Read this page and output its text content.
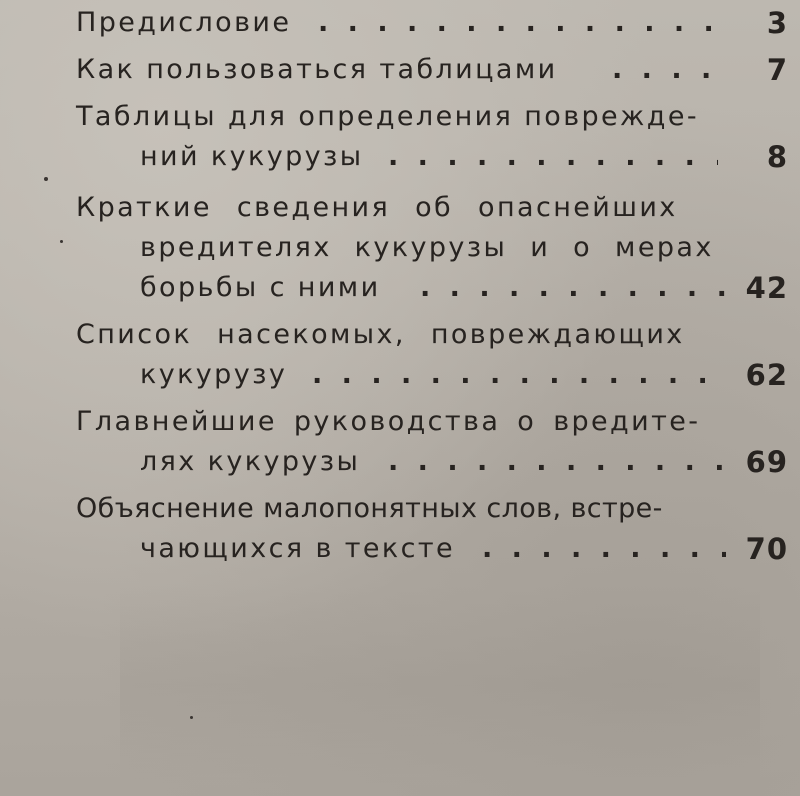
Предисловие . . .	3
Как пользоваться таблицами . . .	7
Таблицы для определения поврежде-
ний кукурузы . . .	8
Краткие сведения об опаснейших
вредителях кукурузы и о мерах
борьбы с ними . . .	42
Список насекомых, повреждающих
кукурузу . . .	62
Главнейшие руководства о вредите-
лях кукурузы . . .	69
Объяснение малопонятных слов, встре-
чающихся в тексте . . .	70
